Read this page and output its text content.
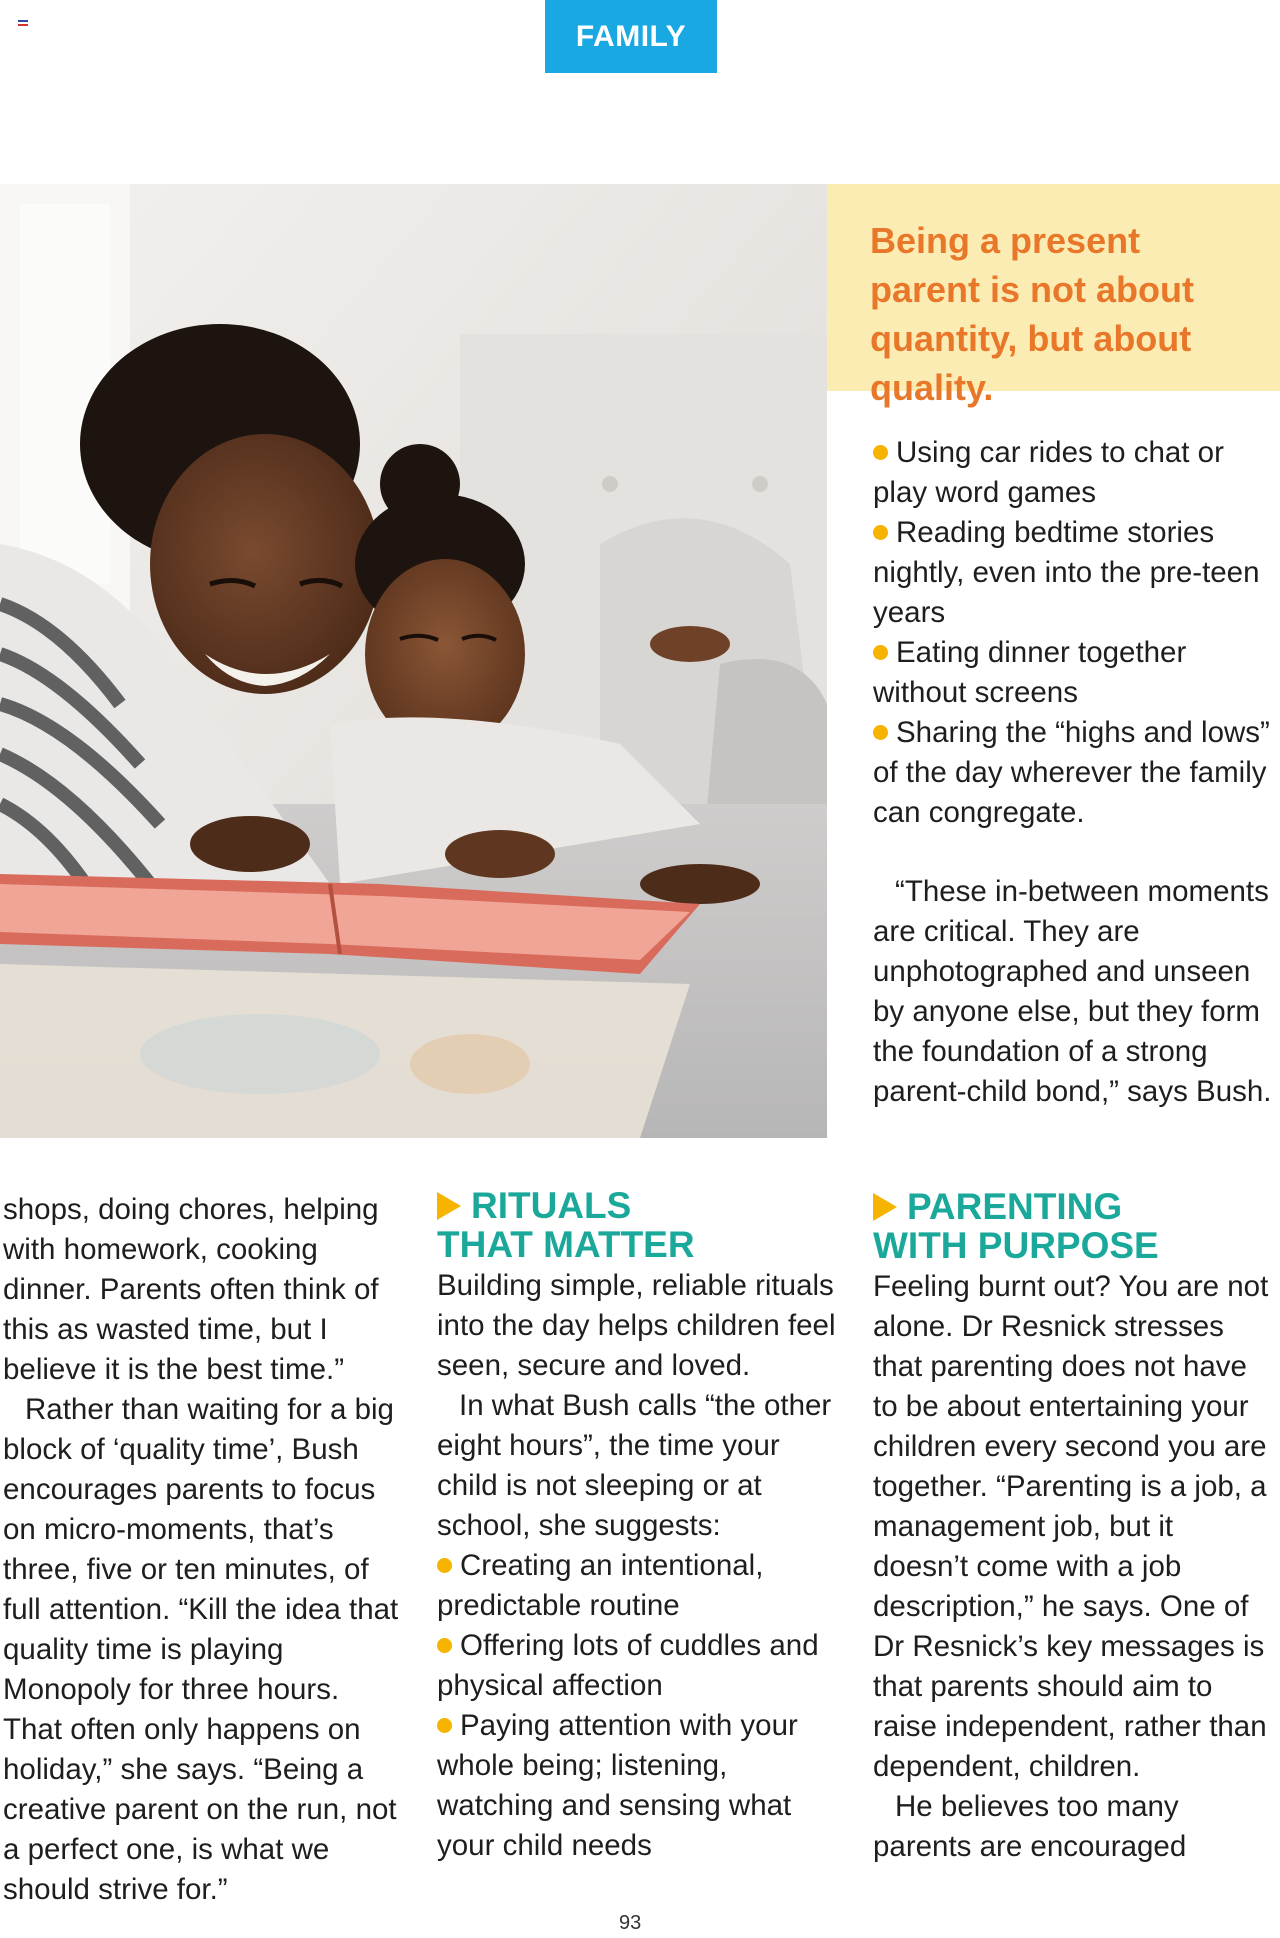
FAMILY

Being a present parent is not about quantity, but about quality.

Using car rides to chat or play word games

Reading bedtime stories nightly, even into the pre-teen years

Eating dinner together without screens

Sharing the “highs and lows” of the day wherever the family can congregate.

“These in-between moments are critical. They are unphotographed and unseen by anyone else, but they form the foundation of a strong parent-child bond,” says Bush.

shops, doing chores, helping with homework, cooking dinner. Parents often think of this as wasted time, but I believe it is the best time.”

Rather than waiting for a big block of ‘quality time’, Bush encourages parents to focus on micro-moments, that’s three, five or ten minutes, of full attention. “Kill the idea that quality time is playing Monopoly for three hours. That often only happens on holiday,” she says. “Being a creative parent on the run, not a perfect one, is what we should strive for.”

RITUALS
THAT MATTER

Building simple, reliable rituals into the day helps children feel seen, secure and loved.

In what Bush calls “the other eight hours”, the time your child is not sleeping or at school, she suggests:

Creating an intentional, predictable routine

Offering lots of cuddles and physical affection

Paying attention with your whole being; listening, watching and sensing what your child needs

PARENTING
WITH PURPOSE

Feeling burnt out? You are not alone. Dr Resnick stresses that parenting does not have to be about entertaining your children every second you are together. “Parenting is a job, a management job, but it doesn’t come with a job description,” he says. One of Dr Resnick’s key messages is that parents should aim to raise independent, rather than dependent, children.

He believes too many parents are encouraged

93
